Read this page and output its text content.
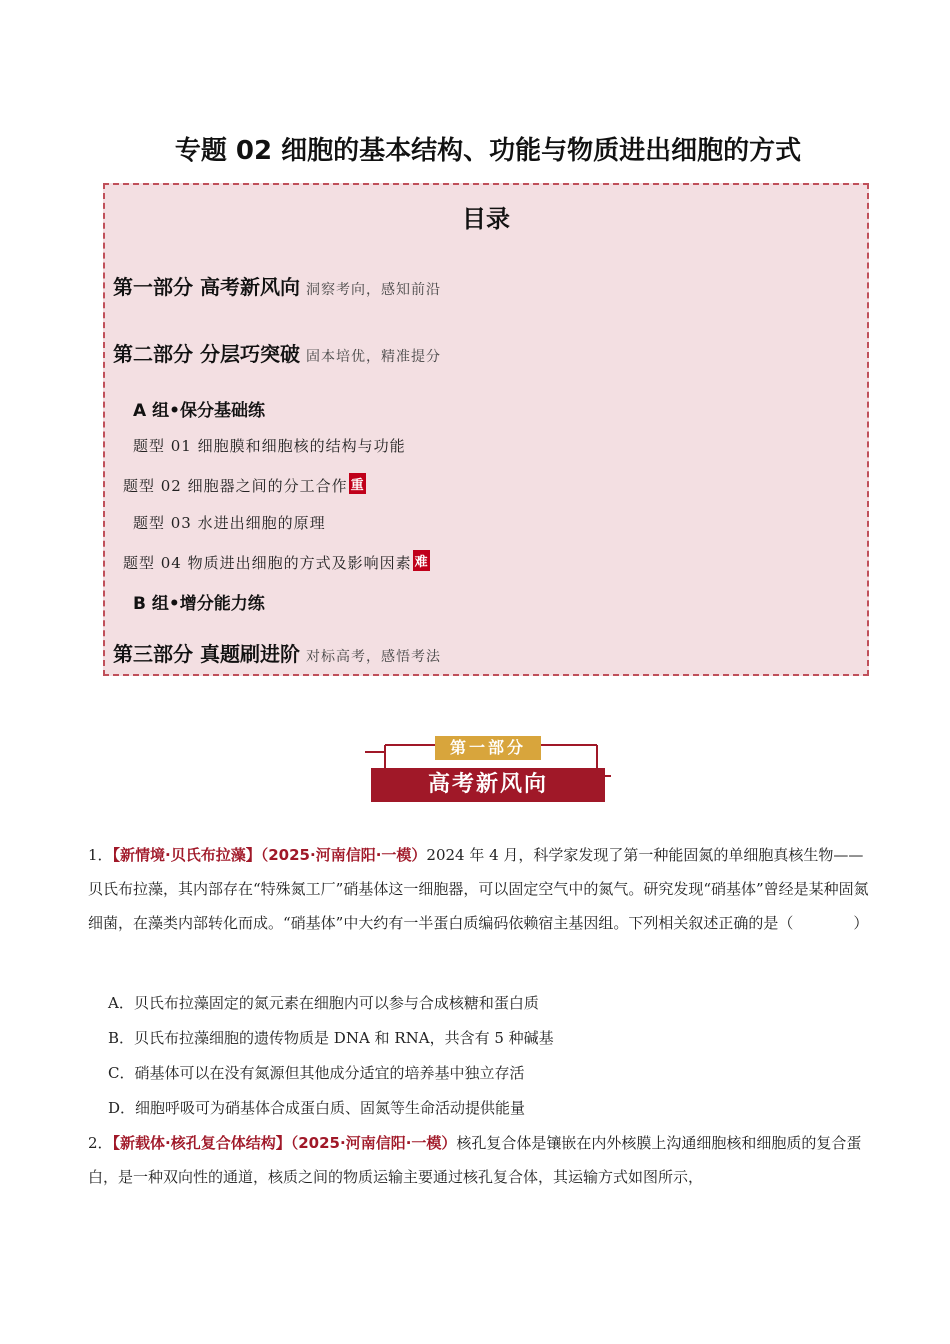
专题 02 细胞的基本结构、功能与物质进出细胞的方式
目录
第一部分 高考新风向 洞察考向，感知前沿
第二部分 分层巧突破 固本培优，精准提分
A 组•保分基础练
题型 01 细胞膜和细胞核的结构与功能
题型 02 细胞器之间的分工合作 重
题型 03 水进出细胞的原理
题型 04 物质进出细胞的方式及影响因素 难
B 组•增分能力练
第三部分 真题刷进阶 对标高考，感悟考法
第一部分
高考新风向
1．【新情境·贝氏布拉藻】（2025·河南信阳·一模）2024 年 4 月，科学家发现了第一种能固氮的单细胞真核生物——贝氏布拉藻，其内部存在“特殊氮工厂”硝基体这一细胞器，可以固定空气中的氮气。研究发现“硝基体”曾经是某种固氮细菌，在藻类内部转化而成。“硝基体”中大约有一半蛋白质编码依赖宿主基因组。下列相关叙述正确的是（　　　　）
A．贝氏布拉藻固定的氮元素在细胞内可以参与合成核糖和蛋白质
B．贝氏布拉藻细胞的遗传物质是 DNA 和 RNA，共含有 5 种碱基
C．硝基体可以在没有氮源但其他成分适宜的培养基中独立存活
D．细胞呼吸可为硝基体合成蛋白质、固氮等生命活动提供能量
2．【新载体·核孔复合体结构】（2025·河南信阳·一模）核孔复合体是镶嵌在内外核膜上沟通细胞核和细胞质的复合蛋白，是一种双向性的通道，核质之间的物质运输主要通过核孔复合体，其运输方式如图所示，
